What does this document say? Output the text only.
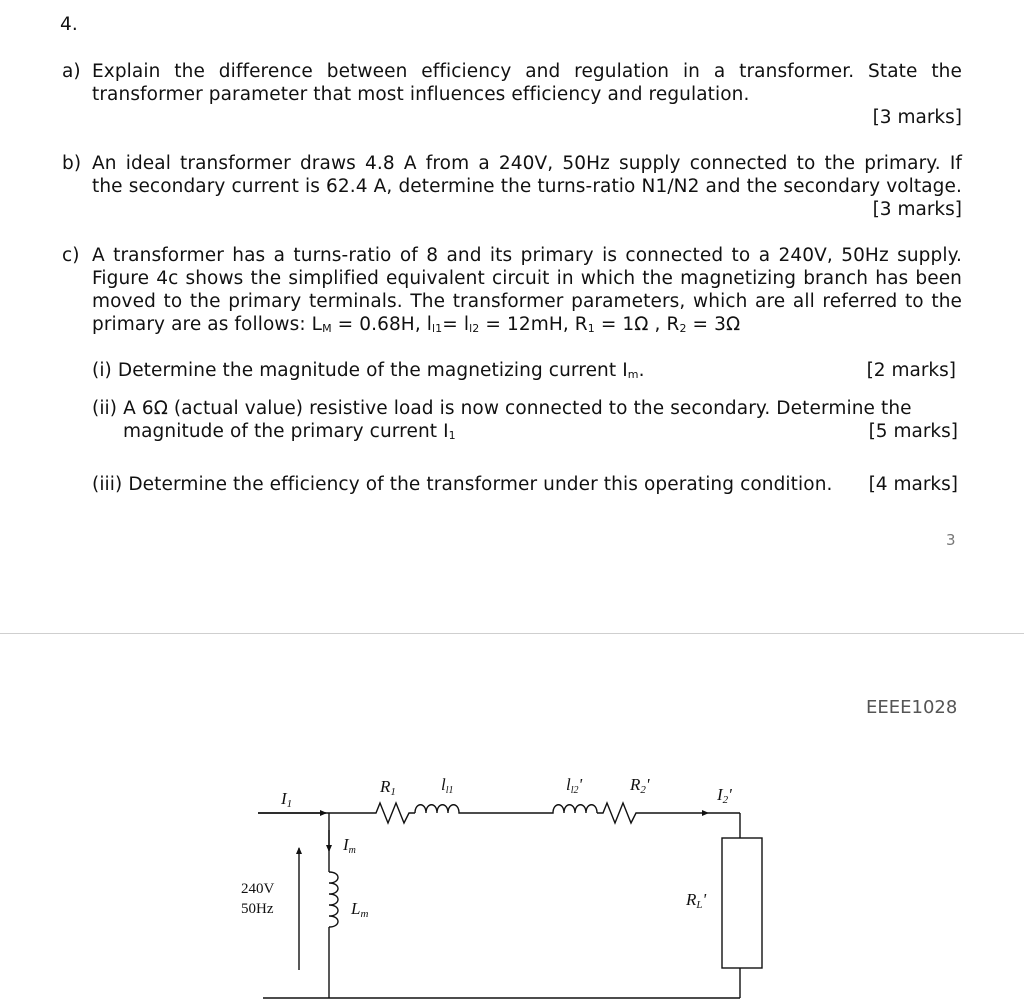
4.
a) Explain the difference between efficiency and regulation in a transformer. State the
transformer parameter that most influences efficiency and regulation.
[3 marks]
b) An ideal transformer draws 4.8 A from a 240V, 50Hz supply connected to the primary. If
the secondary current is 62.4 A, determine the turns-ratio N1/N2 and the secondary voltage.
[3 marks]
c) A transformer has a turns-ratio of 8 and its primary is connected to a 240V, 50Hz supply.
Figure 4c shows the simplified equivalent circuit in which the magnetizing branch has been
moved to the primary terminals. The transformer parameters, which are all referred to the
primary are as follows: LM = 0.68H, ll1= ll2 = 12mH, R1 = 1Ω , R2 = 3Ω
(i) Determine the magnitude of the magnetizing current Im.	[2 marks]
(ii) A 6Ω (actual value) resistive load is now connected to the secondary. Determine the
magnitude of the primary current I1	[5 marks]
(iii) Determine the efficiency of the transformer under this operating condition. [4 marks]
3
EEEE1028
I1
R1	ll1	ll2'	R2'
I2'
Im
Lm
240V
50Hz	RL'
